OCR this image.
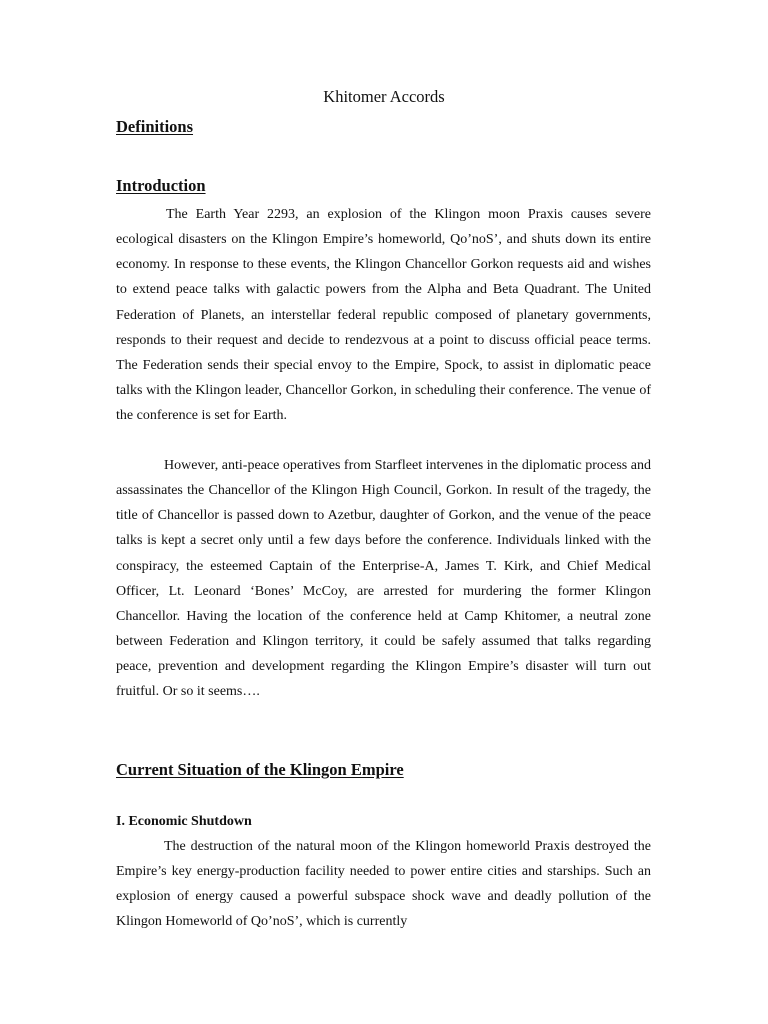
Khitomer Accords
Definitions
Introduction

The Earth Year 2293, an explosion of the Klingon moon Praxis causes severe ecological disasters on the Klingon Empire’s homeworld, Qo’noS’, and shuts down its entire economy. In response to these events, the Klingon Chancellor Gorkon requests aid and wishes to extend peace talks with galactic powers from the Alpha and Beta Quadrant. The United Federation of Planets, an interstellar federal republic composed of planetary governments, responds to their request and decide to rendezvous at a point to discuss official peace terms. The Federation sends their special envoy to the Empire, Spock, to assist in diplomatic peace talks with the Klingon leader, Chancellor Gorkon, in scheduling their conference. The venue of the conference is set for Earth.

However, anti-peace operatives from Starfleet intervenes in the diplomatic process and assassinates the Chancellor of the Klingon High Council, Gorkon. In result of the tragedy, the title of Chancellor is passed down to Azetbur, daughter of Gorkon, and the venue of the peace talks is kept a secret only until a few days before the conference. Individuals linked with the conspiracy, the esteemed Captain of the Enterprise-A, James T. Kirk, and Chief Medical Officer, Lt. Leonard ‘Bones’ McCoy, are arrested for murdering the former Klingon Chancellor. Having the location of the conference held at Camp Khitomer, a neutral zone between Federation and Klingon territory, it could be safely assumed that talks regarding peace, prevention and development regarding the Klingon Empire’s disaster will turn out fruitful. Or so it seems….

Current Situation of the Klingon Empire
I. Economic Shutdown

The destruction of the natural moon of the Klingon homeworld Praxis destroyed the Empire’s key energy-production facility needed to power entire cities and starships. Such an explosion of energy caused a powerful subspace shock wave and deadly pollution of the Klingon Homeworld of Qo’noS’, which is currently
